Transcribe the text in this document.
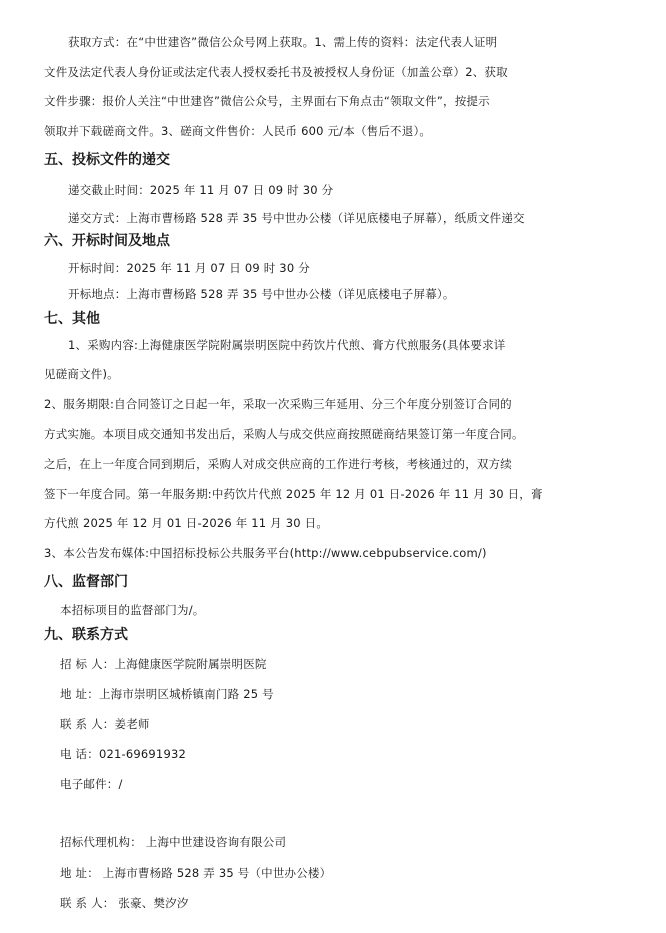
获取方式：在“中世建咨”微信公众号网上获取。1、需上传的资料：法定代表人证明

文件及法定代表人身份证或法定代表人授权委托书及被授权人身份证（加盖公章）2、获取

文件步骤：报价人关注“中世建咨”微信公众号，主界面右下角点击“领取文件”，按提示

领取并下载磋商文件。3、磋商文件售价：人民币 600 元/本（售后不退）。

五、投标文件的递交

递交截止时间：2025 年 11 月 07 日 09 时 30 分

递交方式：上海市曹杨路 528 弄 35 号中世办公楼（详见底楼电子屏幕），纸质文件递交

六、开标时间及地点

开标时间：2025 年 11 月 07 日 09 时 30 分

开标地点：上海市曹杨路 528 弄 35 号中世办公楼（详见底楼电子屏幕）。

七、其他

1、采购内容:上海健康医学院附属崇明医院中药饮片代煎、膏方代煎服务(具体要求详

见磋商文件)。

2、服务期限:自合同签订之日起一年，采取一次采购三年延用、分三个年度分别签订合同的

方式实施。本项目成交通知书发出后，采购人与成交供应商按照磋商结果签订第一年度合同。

之后，在上一年度合同到期后，采购人对成交供应商的工作进行考核，考核通过的，双方续

签下一年度合同。第一年服务期:中药饮片代煎 2025 年 12 月 01 日-2026 年 11 月 30 日，膏

方代煎 2025 年 12 月 01 日-2026 年 11 月 30 日。

3、本公告发布媒体:中国招标投标公共服务平台(http://www.cebpubservice.com/)

八、监督部门

本招标项目的监督部门为/。

九、联系方式

招 标 人：上海健康医学院附属崇明医院

地 址：上海市崇明区城桥镇南门路 25 号

联 系 人：姜老师

电 话：021-69691932

电子邮件：/

招标代理机构： 上海中世建设咨询有限公司

地 址： 上海市曹杨路 528 弄 35 号（中世办公楼）

联 系 人： 张豪、樊汐汐
